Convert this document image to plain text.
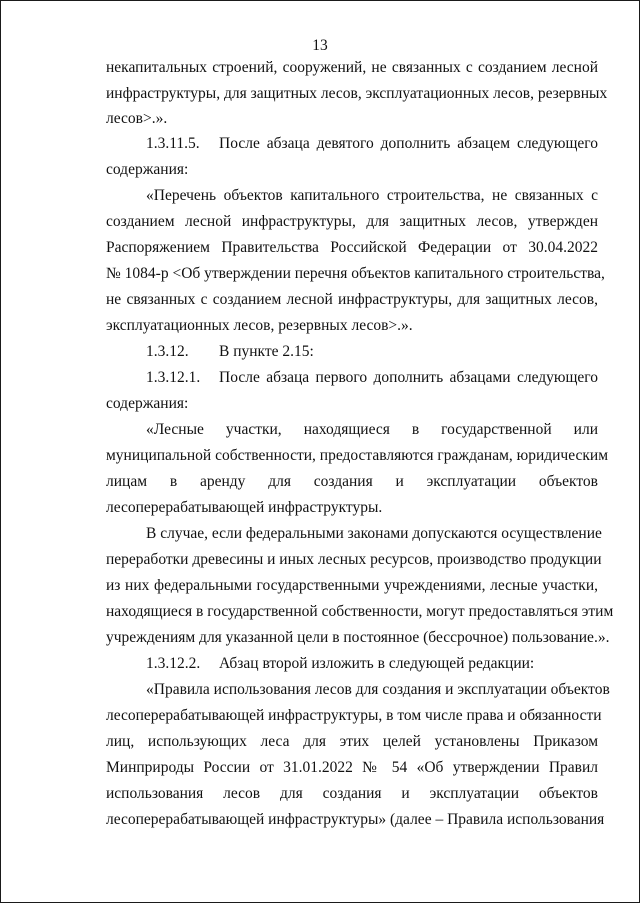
13
некапитальных строений, сооружений, не связанных с созданием лесной
инфраструктуры, для защитных лесов, эксплуатационных лесов, резервных
лесов>.».
1.3.11.5. После абзаца девятого дополнить абзацем следующего
содержания:
«Перечень объектов капитального строительства, не связанных с
созданием лесной инфраструктуры, для защитных лесов, утвержден
Распоряжением Правительства Российской Федерации от 30.04.2022
№ 1084-р <Об утверждении перечня объектов капитального строительства,
не связанных с созданием лесной инфраструктуры, для защитных лесов,
эксплуатационных лесов, резервных лесов>.».
1.3.12. В пункте 2.15:
1.3.12.1. После абзаца первого дополнить абзацами следующего
содержания:
«Лесные участки, находящиеся в государственной или
муниципальной собственности, предоставляются гражданам, юридическим
лицам в аренду для создания и эксплуатации объектов
лесоперерабатывающей инфраструктуры.
В случае, если федеральными законами допускаются осуществление
переработки древесины и иных лесных ресурсов, производство продукции
из них федеральными государственными учреждениями, лесные участки,
находящиеся в государственной собственности, могут предоставляться этим
учреждениям для указанной цели в постоянное (бессрочное) пользование.».
1.3.12.2. Абзац второй изложить в следующей редакции:
«Правила использования лесов для создания и эксплуатации объектов
лесоперерабатывающей инфраструктуры, в том числе права и обязанности
лиц, использующих леса для этих целей установлены Приказом
Минприроды России от 31.01.2022 № 54 «Об утверждении Правил
использования лесов для создания и эксплуатации объектов
лесоперерабатывающей инфраструктуры» (далее – Правила использования
